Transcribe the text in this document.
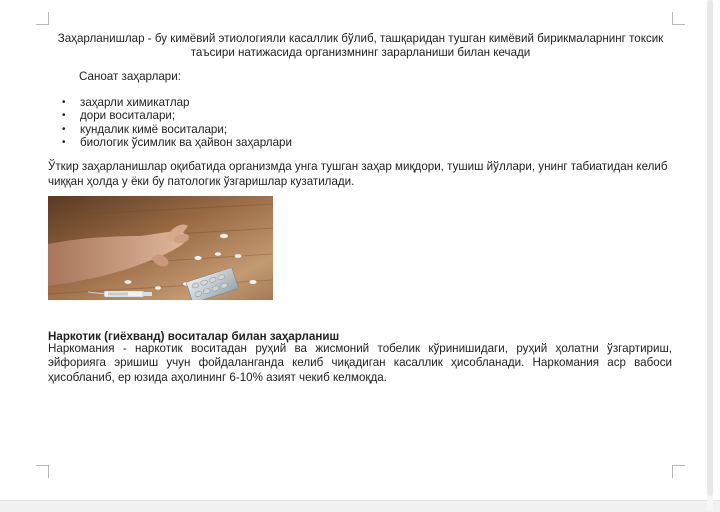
Заҳарланишлар - бу кимёвий этиологияли касаллик бўлиб, ташқаридан тушган кимёвий бирикмаларнинг токсик таъсири натижасида организмнинг зарарланиши билан кечади
Саноат заҳарлари:
• заҳарли химикатлар
• дори воситалари;
• кундалик кимё воситалари;
• биологик ўсимлик ва ҳайвон заҳарлари
Ўткир заҳарланишлар оқибатида организмда унга тушган заҳар миқдори, тушиш йўллари, унинг табиатидан келиб чиққан ҳолда у ёки бу патологик ўзгаришлар кузатилади.
Наркотик (гиёхванд) воситалар билан заҳарланиш
Наркомания - наркотик воситадан руҳий ва жисмоний тобелик кўринишидаги, руҳий ҳолатни ўзгартириш, эйфорияга эришиш учун фойдаланганда келиб чиқадиган касаллик ҳисобланади. Наркомания аср вабоси ҳисобланиб, ер юзида аҳолининг 6-10% азият чекиб келмоқда.
